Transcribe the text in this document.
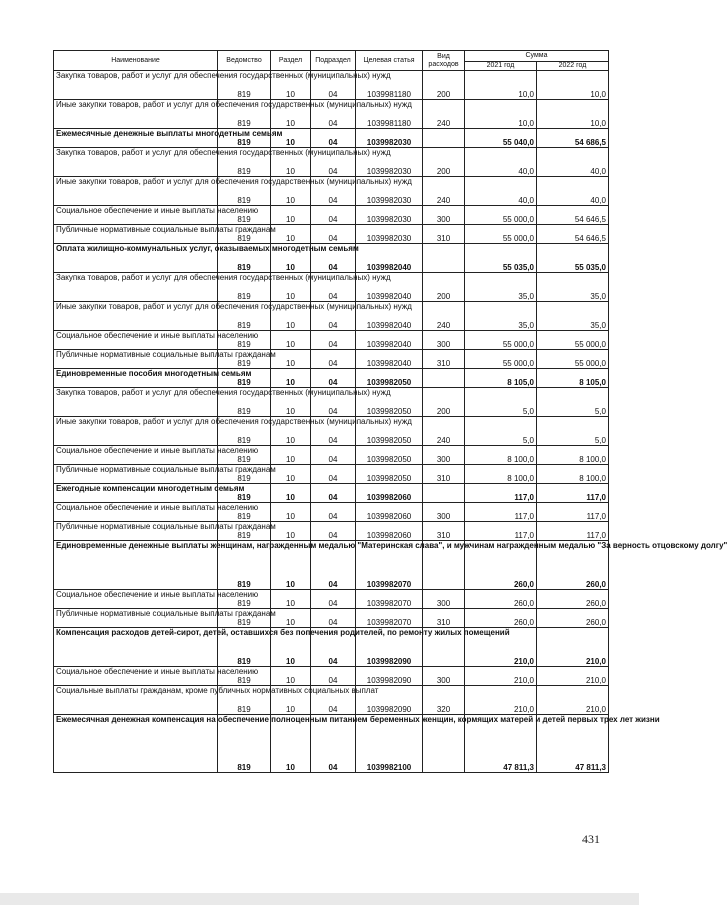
Наименование	Ведомство	Раздел	Подраздел	Целевая статья	Вид расходов	Сумма	
						2021 год	2022 год
Закупка товаров, работ и услуг для обеспечения государственных (муниципальных) нужд	819	10	04	1039981180	200	10,0	10,0
Иные закупки товаров, работ и услуг для обеспечения государственных (муниципальных) нужд	819	10	04	1039981180	240	10,0	10,0
Ежемесячные денежные выплаты многодетным семьям	819	10	04	1039982030		55 040,0	54 686,5
Закупка товаров, работ и услуг для обеспечения государственных (муниципальных) нужд	819	10	04	1039982030	200	40,0	40,0
Иные закупки товаров, работ и услуг для обеспечения государственных (муниципальных) нужд	819	10	04	1039982030	240	40,0	40,0
Социальное обеспечение и иные выплаты населению	819	10	04	1039982030	300	55 000,0	54 646,5
Публичные нормативные социальные выплаты гражданам	819	10	04	1039982030	310	55 000,0	54 646,5
Оплата жилищно-коммунальных услуг, оказываемых многодетным семьям	819	10	04	1039982040		55 035,0	55 035,0
Закупка товаров, работ и услуг для обеспечения государственных (муниципальных) нужд	819	10	04	1039982040	200	35,0	35,0
Иные закупки товаров, работ и услуг для обеспечения государственных (муниципальных) нужд	819	10	04	1039982040	240	35,0	35,0
Социальное обеспечение и иные выплаты населению	819	10	04	1039982040	300	55 000,0	55 000,0
Публичные нормативные социальные выплаты гражданам	819	10	04	1039982040	310	55 000,0	55 000,0
Единовременные пособия многодетным семьям	819	10	04	1039982050		8 105,0	8 105,0
Закупка товаров, работ и услуг для обеспечения государственных (муниципальных) нужд	819	10	04	1039982050	200	5,0	5,0
Иные закупки товаров, работ и услуг для обеспечения государственных (муниципальных) нужд	819	10	04	1039982050	240	5,0	5,0
Социальное обеспечение и иные выплаты населению	819	10	04	1039982050	300	8 100,0	8 100,0
Публичные нормативные социальные выплаты гражданам	819	10	04	1039982050	310	8 100,0	8 100,0
Ежегодные компенсации многодетным семьям	819	10	04	1039982060		117,0	117,0
Социальное обеспечение и иные выплаты населению	819	10	04	1039982060	300	117,0	117,0
Публичные нормативные социальные выплаты гражданам	819	10	04	1039982060	310	117,0	117,0
Единовременные денежные выплаты женщинам, награжденным медалью "Материнская слава", и мужчинам награжденным медалью "За верность отцовскому долгу"	819	10	04	1039982070		260,0	260,0
Социальное обеспечение и иные выплаты населению	819	10	04	1039982070	300	260,0	260,0
Публичные нормативные социальные выплаты гражданам	819	10	04	1039982070	310	260,0	260,0
Компенсация расходов детей-сирот, детей, оставшихся без попечения родителей, по ремонту жилых помещений	819	10	04	1039982090		210,0	210,0
Социальное обеспечение и иные выплаты населению	819	10	04	1039982090	300	210,0	210,0
Социальные выплаты гражданам, кроме публичных нормативных социальных выплат	819	10	04	1039982090	320	210,0	210,0
Ежемесячная денежная компенсация на обеспечение полноценным питанием беременных женщин, кормящих матерей и детей первых трех лет жизни	819	10	04	1039982100		47 811,3	47 811,3
431
